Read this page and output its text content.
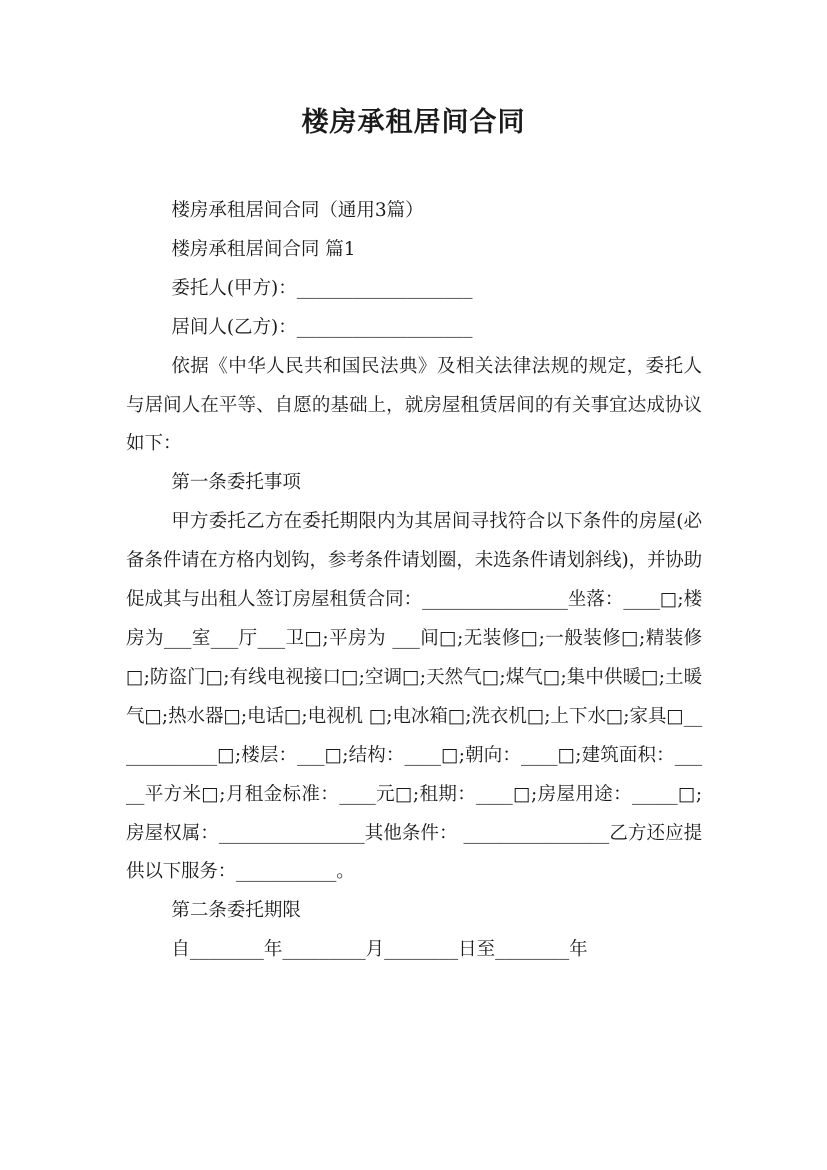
楼房承租居间合同

楼房承租居间合同（通用3篇）

楼房承租居间合同 篇1

委托人(甲方)：___________________

居间人(乙方)：___________________

依据《中华人民共和国民法典》及相关法律法规的规定，委托人与居间人在平等、自愿的基础上，就房屋租赁居间的有关事宜达成协议如下：

第一条委托事项

甲方委托乙方在委托期限内为其居间寻找符合以下条件的房屋(必备条件请在方格内划钩，参考条件请划圈，未选条件请划斜线)，并协助促成其与出租人签订房屋租赁合同：________________坐落：____□;楼房为___室___厅___卫□;平房为 ___间□;无装修□;一般装修□;精装修□;防盗门□;有线电视接口□;空调□;天然气□;煤气□;集中供暖□;土暖气□;热水器□;电话□;电视机 □;电冰箱□;洗衣机□;上下水□;家具□____________□;楼层：___□;结构：____□;朝向：____□;建筑面积：_____平方米□;月租金标准：____元□;租期：____□;房屋用途：_____□;房屋权属：________________其他条件： ________________乙方还应提供以下服务：___________。

第二条委托期限

自________年_________月________日至________年
